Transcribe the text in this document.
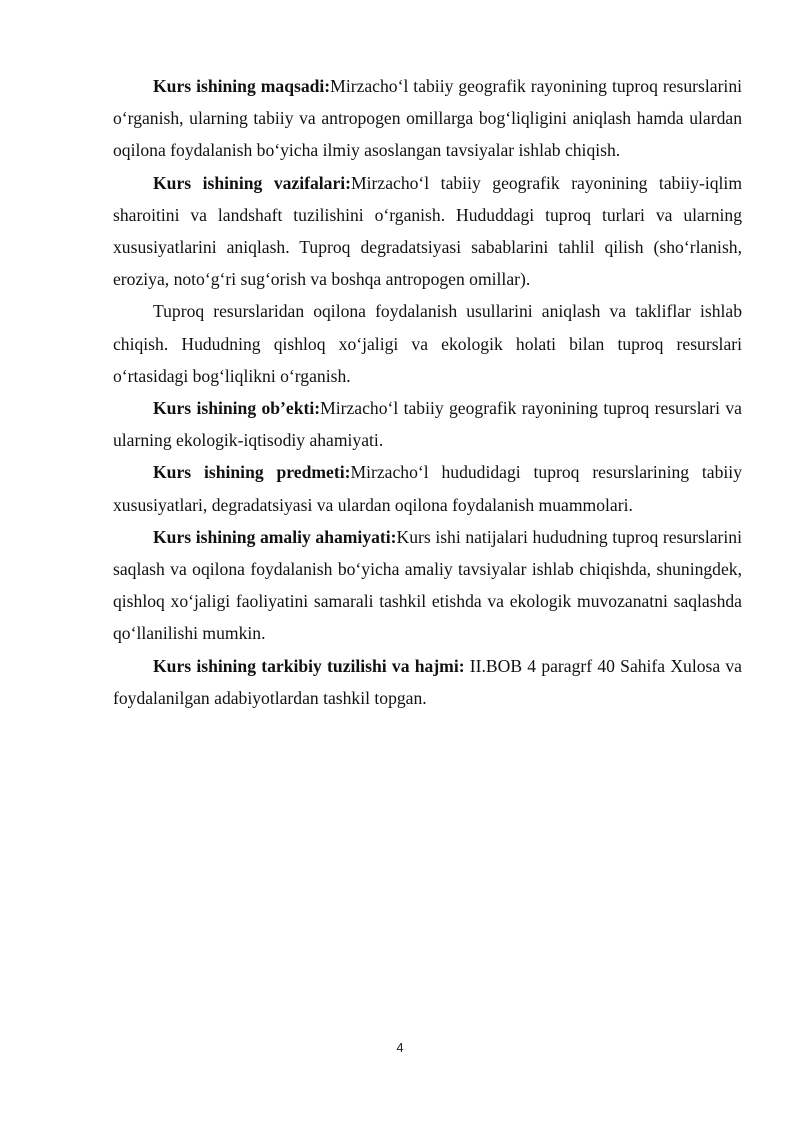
Kurs ishining maqsadi:Mirzacho‘l tabiiy geografik rayonining tuproq resurslarini o‘rganish, ularning tabiiy va antropogen omillarga bog‘liqligini aniqlash hamda ulardan oqilona foydalanish bo‘yicha ilmiy asoslangan tavsiyalar ishlab chiqish.

Kurs ishining vazifalari:Mirzacho‘l tabiiy geografik rayonining tabiiy-iqlim sharoitini va landshaft tuzilishini o‘rganish. Hududdagi tuproq turlari va ularning xususiyatlarini aniqlash. Tuproq degradatsiyasi sabablarini tahlil qilish (sho‘rlanish, eroziya, noto‘g‘ri sug‘orish va boshqa antropogen omillar).

Tuproq resurslaridan oqilona foydalanish usullarini aniqlash va takliflar ishlab chiqish. Hududning qishloq xo‘jaligi va ekologik holati bilan tuproq resurslari o‘rtasidagi bog‘liqlikni o‘rganish.

Kurs ishining ob’ekti:Mirzacho‘l tabiiy geografik rayonining tuproq resurslari va ularning ekologik-iqtisodiy ahamiyati.

Kurs ishining predmeti:Mirzacho‘l hududidagi tuproq resurslarining tabiiy xususiyatlari, degradatsiyasi va ulardan oqilona foydalanish muammolari.

Kurs ishining amaliy ahamiyati:Kurs ishi natijalari hududning tuproq resurslarini saqlash va oqilona foydalanish bo‘yicha amaliy tavsiyalar ishlab chiqishda, shuningdek, qishloq xo‘jaligi faoliyatini samarali tashkil etishda va ekologik muvozanatni saqlashda qo‘llanilishi mumkin.

Kurs ishining tarkibiy tuzilishi va hajmi: II.BOB 4 paragrf 40 Sahifa Xulosa va foydalanilgan adabiyotlardan tashkil topgan.

4
